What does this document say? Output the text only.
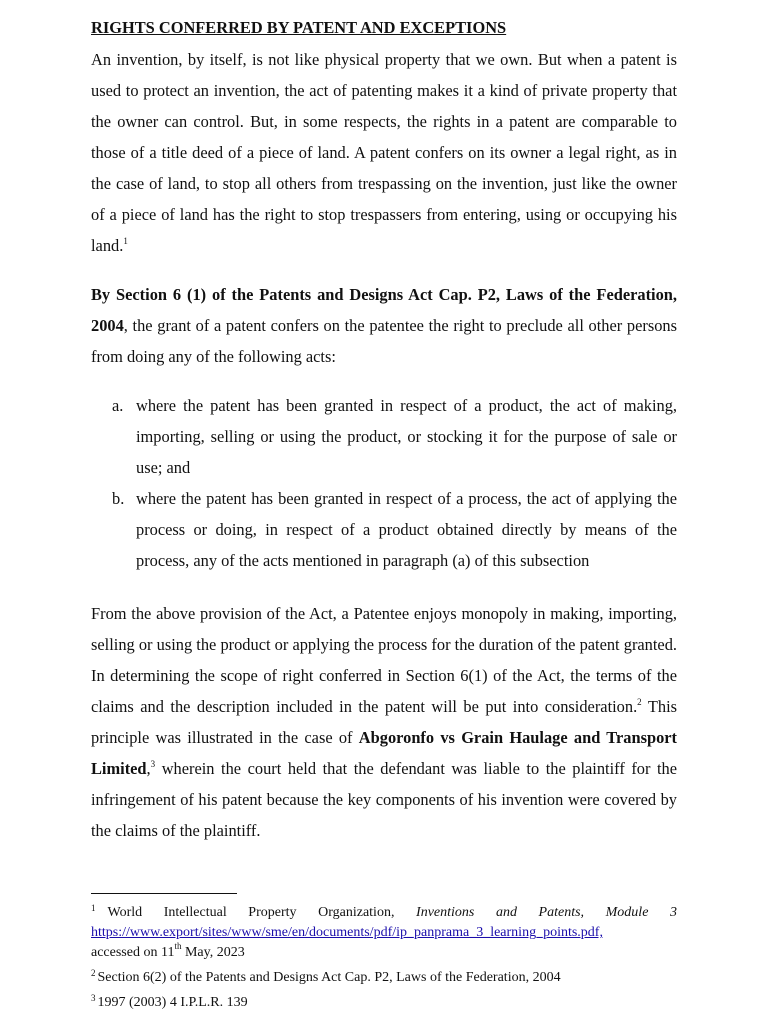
RIGHTS CONFERRED BY PATENT AND EXCEPTIONS

An invention, by itself, is not like physical property that we own. But when a patent is used to protect an invention, the act of patenting makes it a kind of private property that the owner can control. But, in some respects, the rights in a patent are comparable to those of a title deed of a piece of land. A patent confers on its owner a legal right, as in the case of land, to stop all others from trespassing on the invention, just like the owner of a piece of land has the right to stop trespassers from entering, using or occupying his land.$^1$

By Section 6 (1) of the Patents and Designs Act Cap. P2, Laws of the Federation, 2004, the grant of a patent confers on the patentee the right to preclude all other persons from doing any of the following acts:

a. where the patent has been granted in respect of a product, the act of making, importing, selling or using the product, or stocking it for the purpose of sale or use; and
b. where the patent has been granted in respect of a process, the act of applying the process or doing, in respect of a product obtained directly by means of the process, any of the acts mentioned in paragraph (a) of this subsection

From the above provision of the Act, a Patentee enjoys monopoly in making, importing, selling or using the product or applying the process for the duration of the patent granted. In determining the scope of right conferred in Section 6(1) of the Act, the terms of the claims and the description included in the patent will be put into consideration.$^2$ This principle was illustrated in the case of Abgoronfo vs Grain Haulage and Transport Limited,$^3$ wherein the court held that the defendant was liable to the plaintiff for the infringement of his patent because the key components of his invention were covered by the claims of the plaintiff.

$^1$ World Intellectual Property Organization, Inventions and Patents, Module 3

https://www.export/sites/www/sme/en/documents/pdf/ip_panprama_3_learning_points.pdf,

accessed on 11th May, 2023

$^2$ Section 6(2) of the Patents and Designs Act Cap. P2, Laws of the Federation, 2004

$^3$ 1997 (2003) 4 I.P.L.R. 139
